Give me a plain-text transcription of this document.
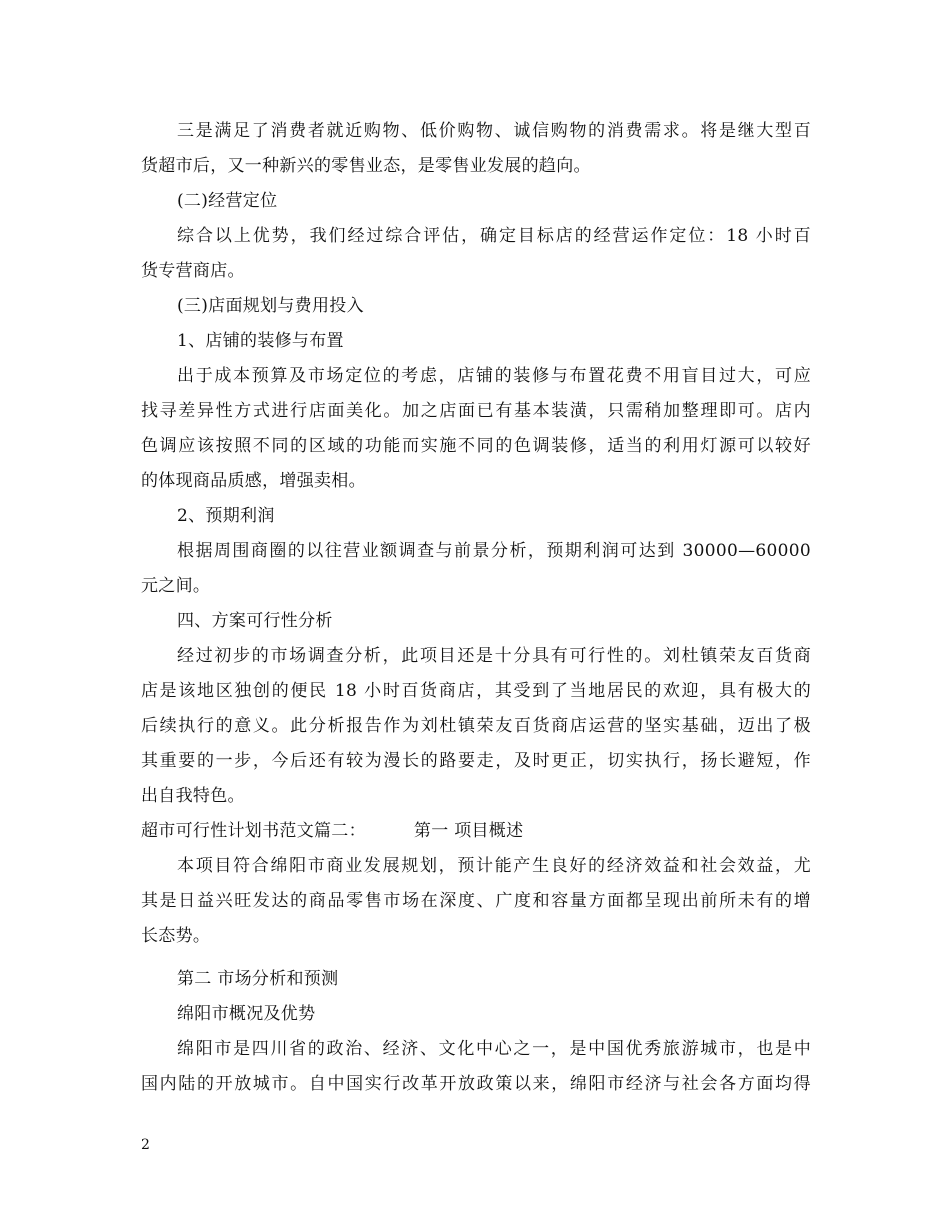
三是满足了消费者就近购物、低价购物、诚信购物的消费需求。将是继大型百
货超市后，又一种新兴的零售业态，是零售业发展的趋向。
(二)经营定位
综合以上优势，我们经过综合评估，确定目标店的经营运作定位：18 小时百
货专营商店。
(三)店面规划与费用投入
1、店铺的装修与布置
出于成本预算及市场定位的考虑，店铺的装修与布置花费不用盲目过大，可应
找寻差异性方式进行店面美化。加之店面已有基本装潢，只需稍加整理即可。店内
色调应该按照不同的区域的功能而实施不同的色调装修，适当的利用灯源可以较好
的体现商品质感，增强卖相。
2、预期利润
根据周围商圈的以往营业额调查与前景分析，预期利润可达到 30000—60000
元之间。
四、方案可行性分析
经过初步的市场调查分析，此项目还是十分具有可行性的。刘杜镇荣友百货商
店是该地区独创的便民 18 小时百货商店，其受到了当地居民的欢迎，具有极大的
后续执行的意义。此分析报告作为刘杜镇荣友百货商店运营的坚实基础，迈出了极
其重要的一步，今后还有较为漫长的路要走，及时更正，切实执行，扬长避短，作
出自我特色。
超市可行性计划书范文篇二：	第一 项目概述
本项目符合绵阳市商业发展规划，预计能产生良好的经济效益和社会效益，尤
其是日益兴旺发达的商品零售市场在深度、广度和容量方面都呈现出前所未有的增
长态势。
第二 市场分析和预测
绵阳市概况及优势
绵阳市是四川省的政治、经济、文化中心之一，是中国优秀旅游城市，也是中
国内陆的开放城市。自中国实行改革开放政策以来，绵阳市经济与社会各方面均得
2
